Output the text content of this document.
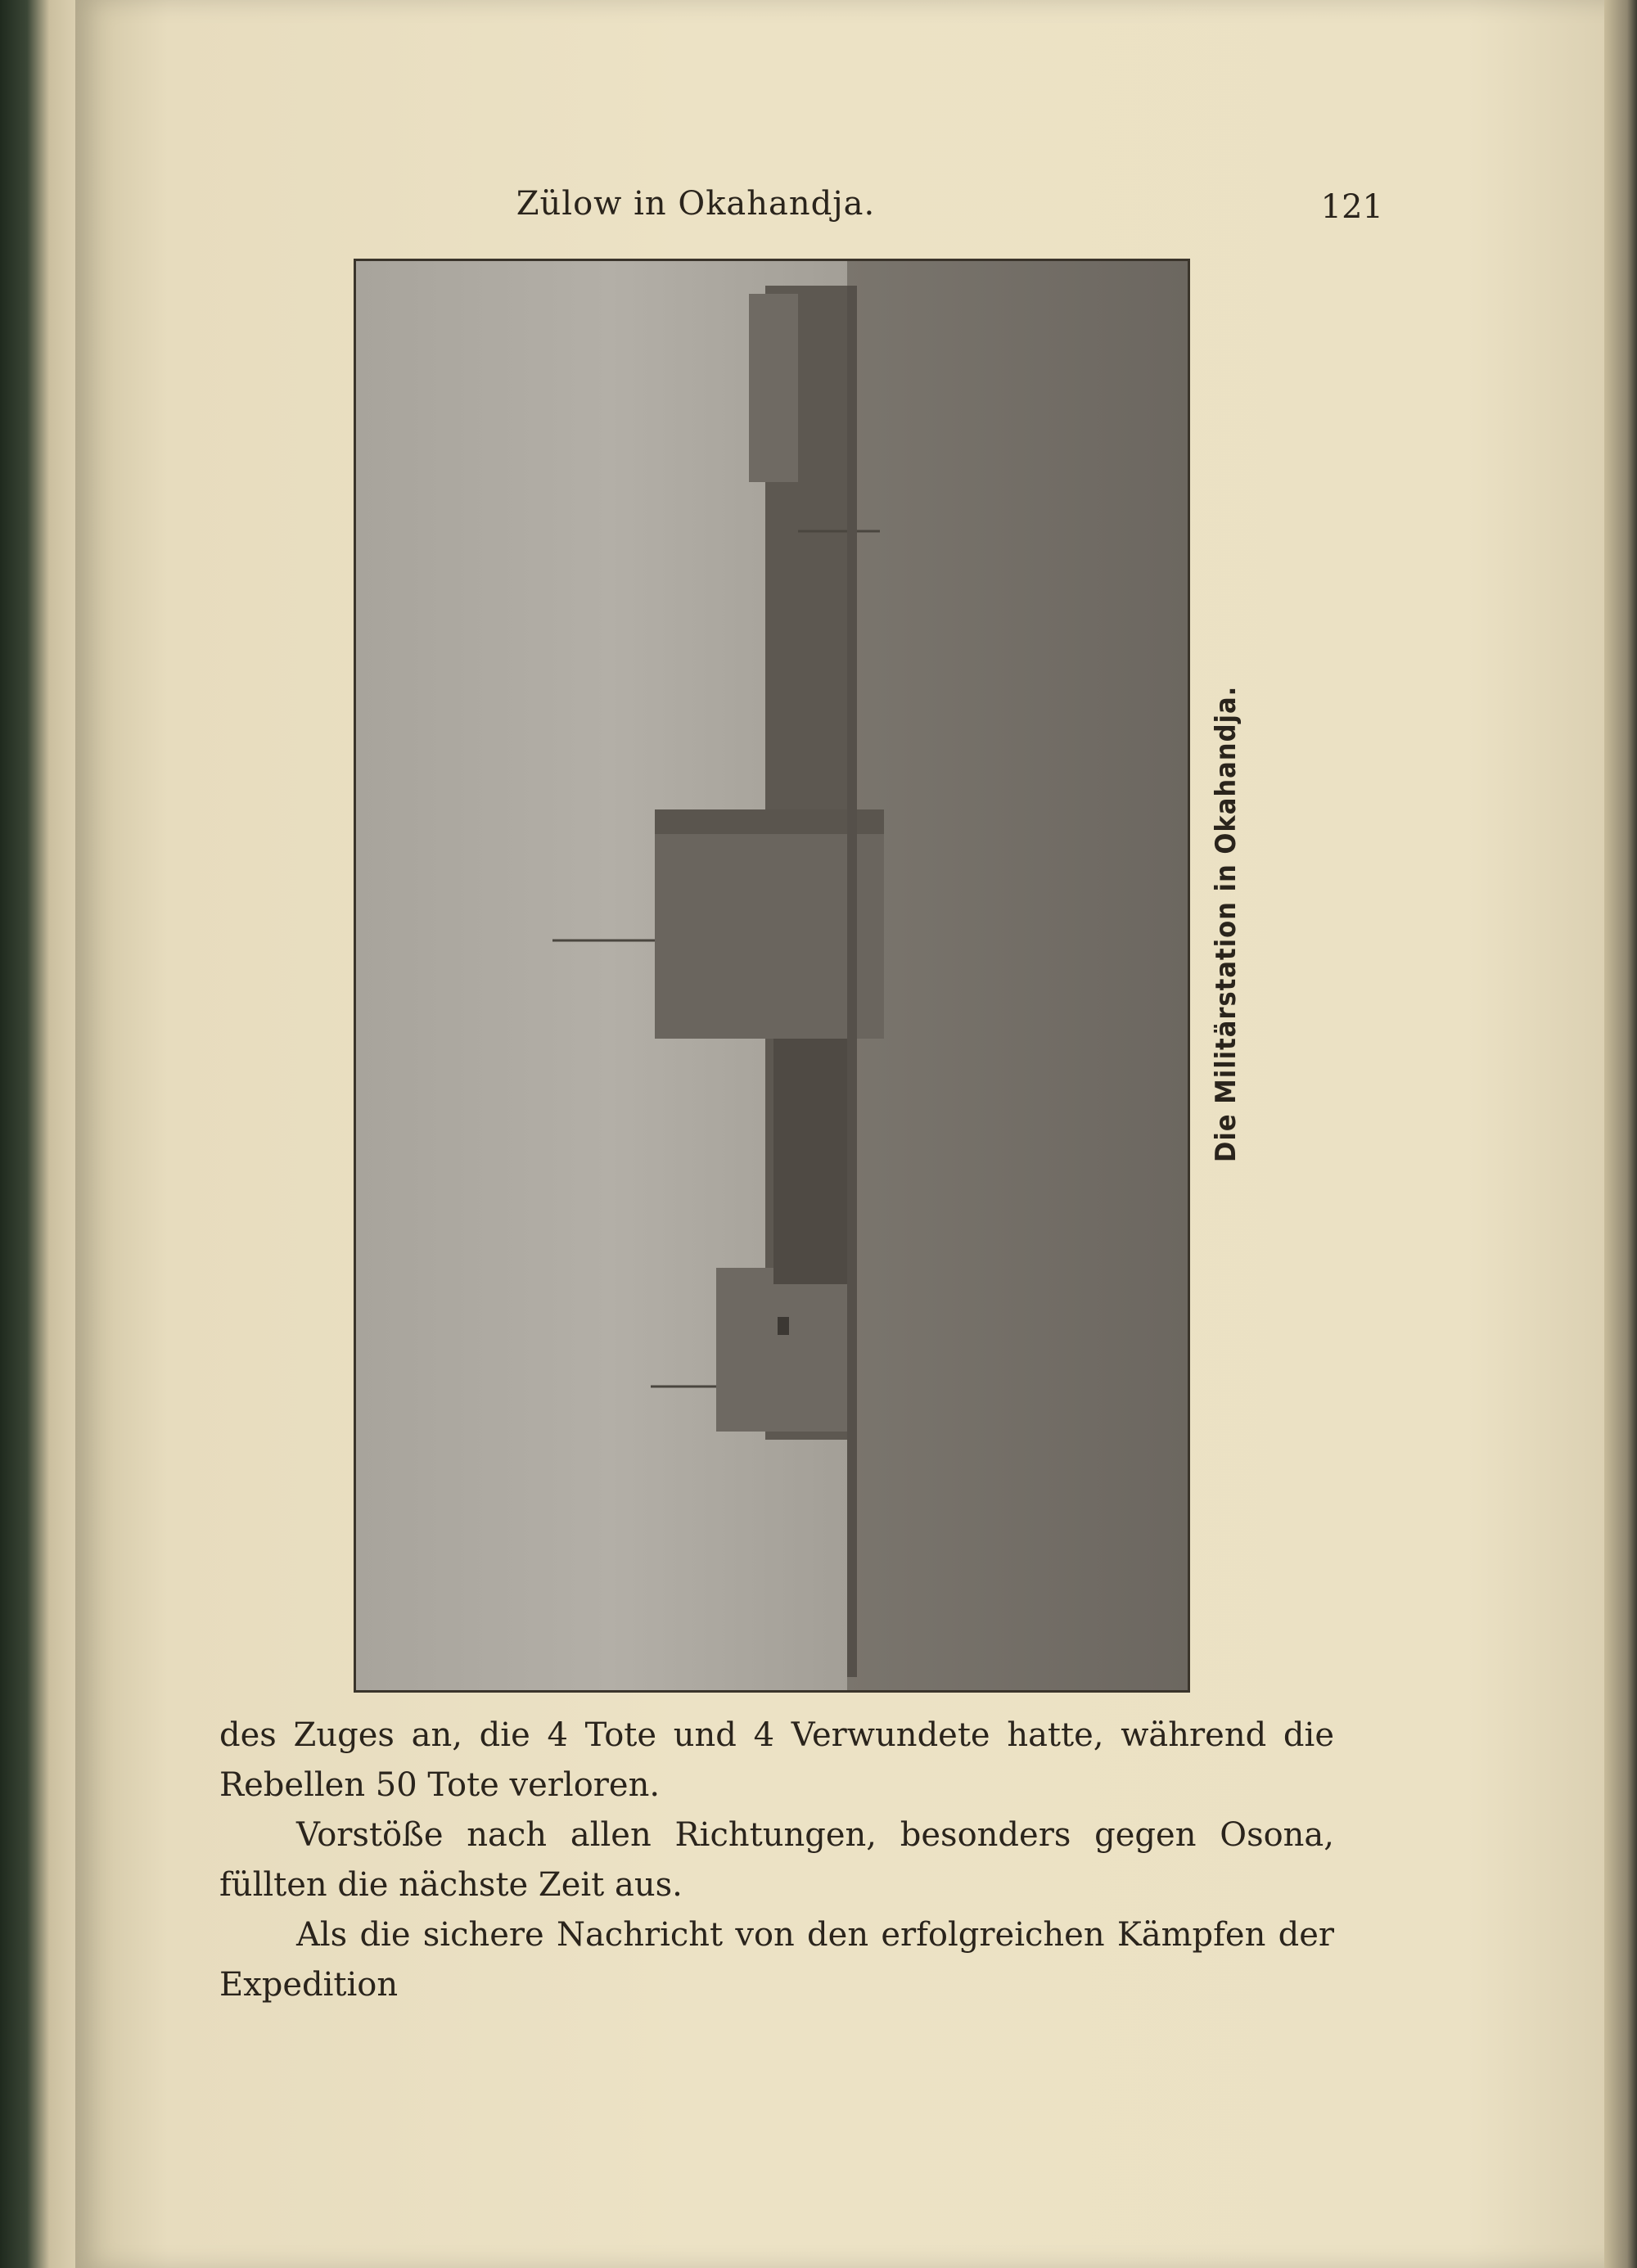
Zülow in Okahandja.	121
Die Militärstation in Okahandja.

des Zuges an, die 4 Tote und 4 Verwundete hatte, während die Rebellen 50 Tote verloren.

Vorstöße nach allen Richtungen, besonders gegen Osona, füllten die nächste Zeit aus.

Als die sichere Nachricht von den erfolgreichen Kämpfen der Expedition
